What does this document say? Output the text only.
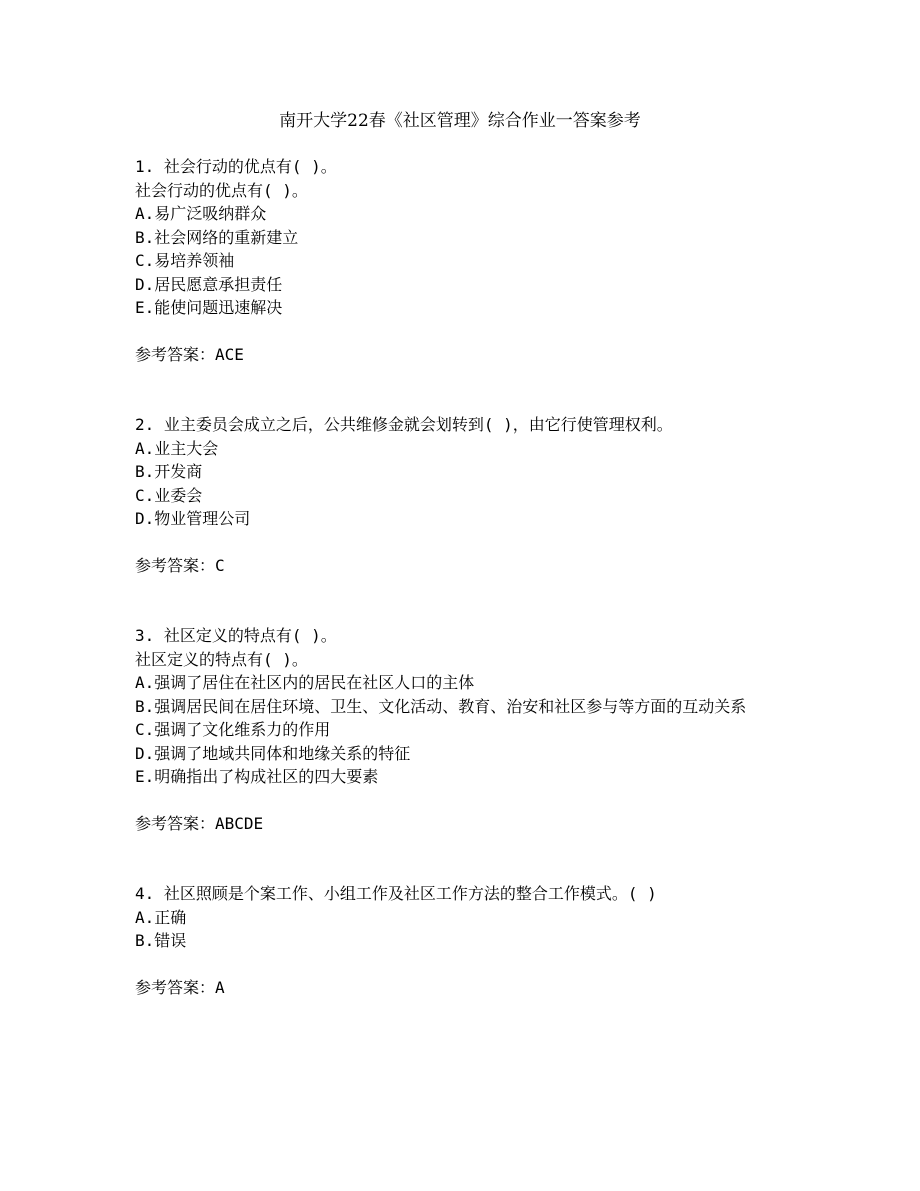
南开大学22春《社区管理》综合作业一答案参考
1. 社会行动的优点有( )。
社会行动的优点有( )。
A.易广泛吸纳群众
B.社会网络的重新建立
C.易培养领袖
D.居民愿意承担责任
E.能使问题迅速解决
参考答案：ACE
2. 业主委员会成立之后，公共维修金就会划转到( )，由它行使管理权利。
A.业主大会
B.开发商
C.业委会
D.物业管理公司
参考答案：C
3. 社区定义的特点有( )。
社区定义的特点有( )。
A.强调了居住在社区内的居民在社区人口的主体
B.强调居民间在居住环境、卫生、文化活动、教育、治安和社区参与等方面的互动关系
C.强调了文化维系力的作用
D.强调了地域共同体和地缘关系的特征
E.明确指出了构成社区的四大要素
参考答案：ABCDE
4. 社区照顾是个案工作、小组工作及社区工作方法的整合工作模式。( )
A.正确
B.错误
参考答案：A
